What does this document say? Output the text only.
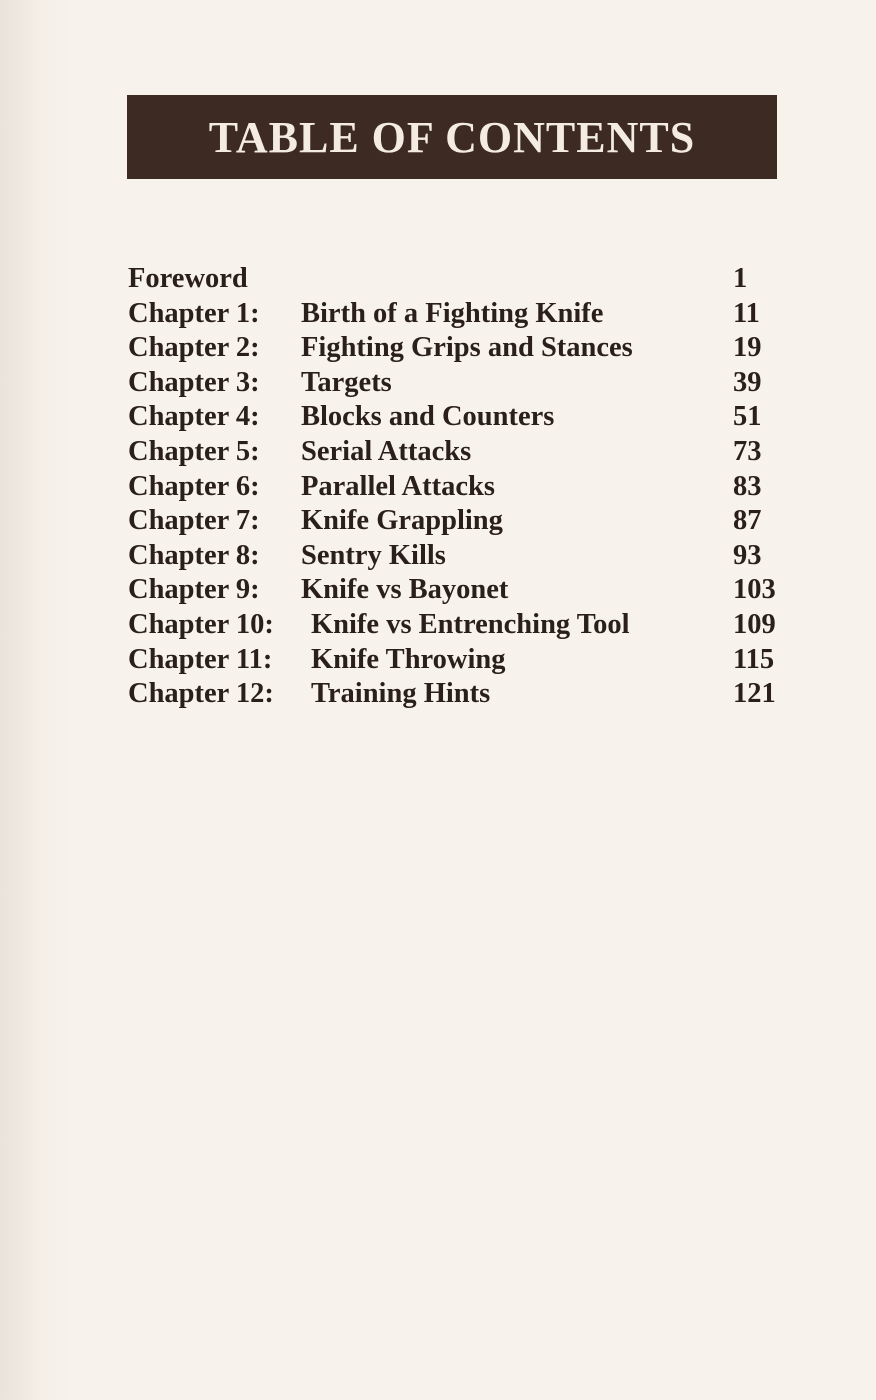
TABLE OF CONTENTS
Foreword	1
Chapter 1: Birth of a Fighting Knife	11
Chapter 2: Fighting Grips and Stances	19
Chapter 3: Targets	39
Chapter 4: Blocks and Counters	51
Chapter 5: Serial Attacks	73
Chapter 6: Parallel Attacks	83
Chapter 7: Knife Grappling	87
Chapter 8: Sentry Kills	93
Chapter 9: Knife vs Bayonet	103
Chapter 10: Knife vs Entrenching Tool	109
Chapter 11: Knife Throwing	115
Chapter 12: Training Hints	121
